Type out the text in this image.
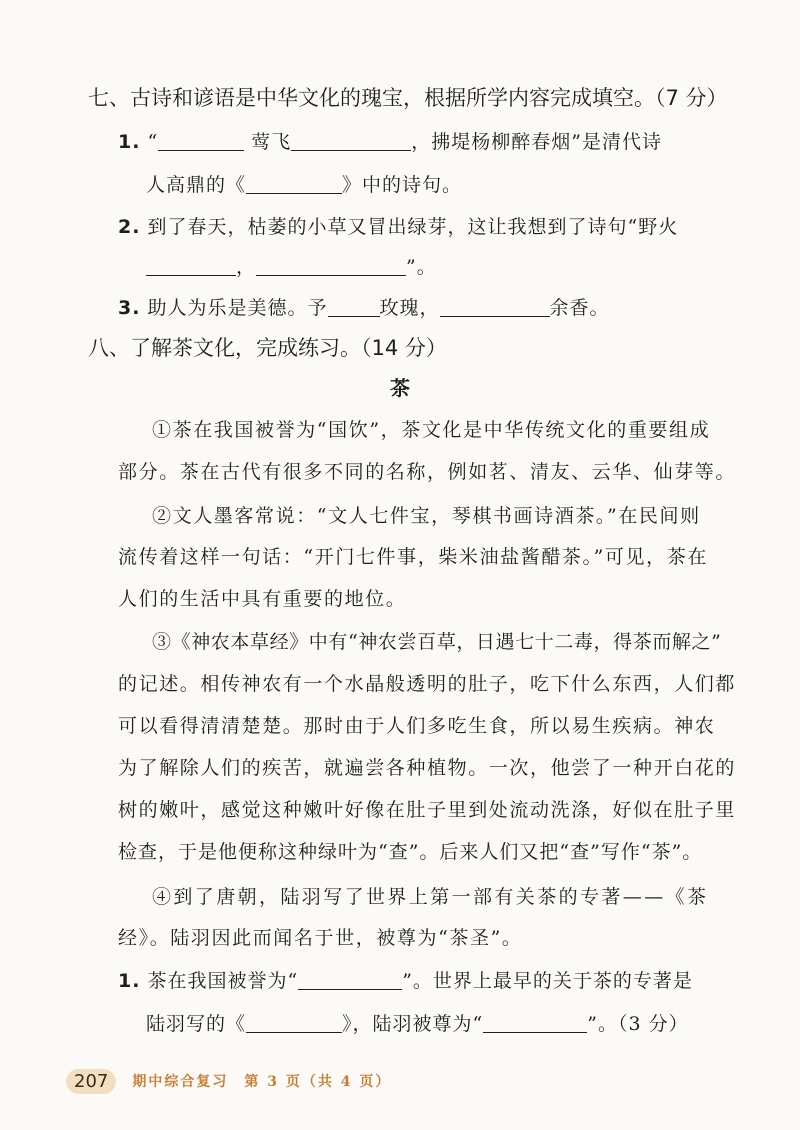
七、古诗和谚语是中华文化的瑰宝，根据所学内容完成填空。（7 分）
1. “	莺飞	，拂堤杨柳醉春烟”是清代诗
人高鼎的《	》中的诗句。
2. 到了春天，枯萎的小草又冒出绿芽，这让我想到了诗句“野火
，	”。
3. 助人为乐是美德。予	玫瑰，	余香。
八、了解茶文化，完成练习。（14 分）
茶
①茶在我国被誉为“国饮”，茶文化是中华传统文化的重要组成
部分。茶在古代有很多不同的名称，例如茗、清友、云华、仙芽等。
②文人墨客常说：“文人七件宝，琴棋书画诗酒茶。”在民间则
流传着这样一句话：“开门七件事，柴米油盐酱醋茶。”可见，茶在
人们的生活中具有重要的地位。
③《神农本草经》中有“神农尝百草，日遇七十二毒，得茶而解之”
的记述。相传神农有一个水晶般透明的肚子，吃下什么东西，人们都
可以看得清清楚楚。那时由于人们多吃生食，所以易生疾病。神农
为了解除人们的疾苦，就遍尝各种植物。一次，他尝了一种开白花的
树的嫩叶，感觉这种嫩叶好像在肚子里到处流动洗涤，好似在肚子里
检查，于是他便称这种绿叶为“查”。后来人们又把“查”写作“茶”。
④到了唐朝，陆羽写了世界上第一部有关茶的专著——《茶
经》。陆羽因此而闻名于世，被尊为“茶圣”。
1. 茶在我国被誉为“	”。世界上最早的关于茶的专著是
陆羽写的《	》，陆羽被尊为“	”。（3 分）
207	期中综合复习　第 3 页（共 4 页）
